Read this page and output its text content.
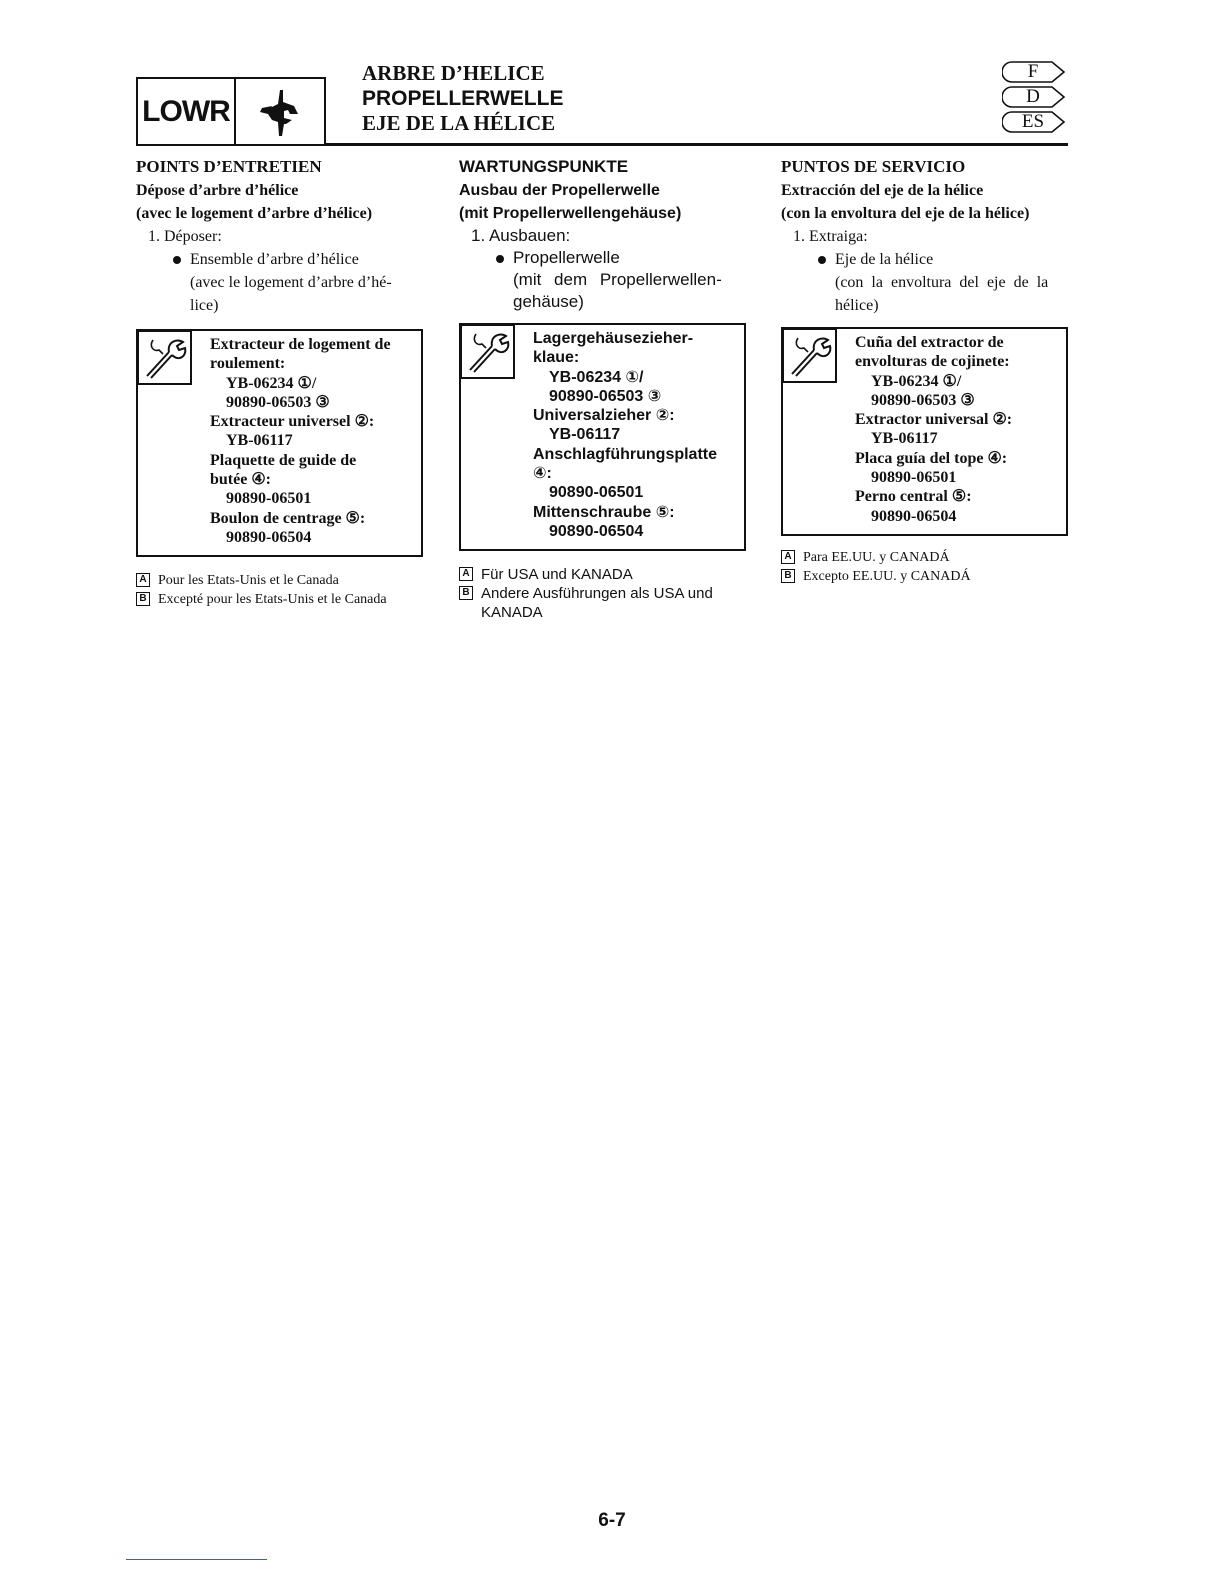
LOWR
ARBRE D’HELICE
PROPELLERWELLE
EJE DE LA HÉLICE
F
D
ES
POINTS D’ENTRETIEN
Dépose d’arbre d’hélice
(avec le logement d’arbre d’hélice)
1. Déposer:
Ensemble d’arbre d’hélice
(avec le logement d’arbre d’hé-
lice)
Extracteur de logement de
roulement:
YB-06234 ①/
90890-06503 ③
Extracteur universel ②:
YB-06117
Plaquette de guide de
butée ④:
90890-06501
Boulon de centrage ⑤:
90890-06504
A Pour les Etats-Unis et le Canada
B Excepté pour les Etats-Unis et le Canada
WARTUNGSPUNKTE
Ausbau der Propellerwelle
(mit Propellerwellengehäuse)
1. Ausbauen:
Propellerwelle
(mit dem Propellerwellen-
gehäuse)
Lagergehäusezieher-
klaue:
YB-06234 ①/
90890-06503 ③
Universalzieher ②:
YB-06117
Anschlagführungsplatte
④:
90890-06501
Mittenschraube ⑤:
90890-06504
A Für USA und KANADA
B Andere Ausführungen als USA und
KANADA
PUNTOS DE SERVICIO
Extracción del eje de la hélice
(con la envoltura del eje de la hélice)
1. Extraiga:
Eje de la hélice
(con la envoltura del eje de la
hélice)
Cuña del extractor de
envolturas de cojinete:
YB-06234 ①/
90890-06503 ③
Extractor universal ②:
YB-06117
Placa guía del tope ④:
90890-06501
Perno central ⑤:
90890-06504
A Para EE.UU. y CANADÁ
B Excepto EE.UU. y CANADÁ
6-7
